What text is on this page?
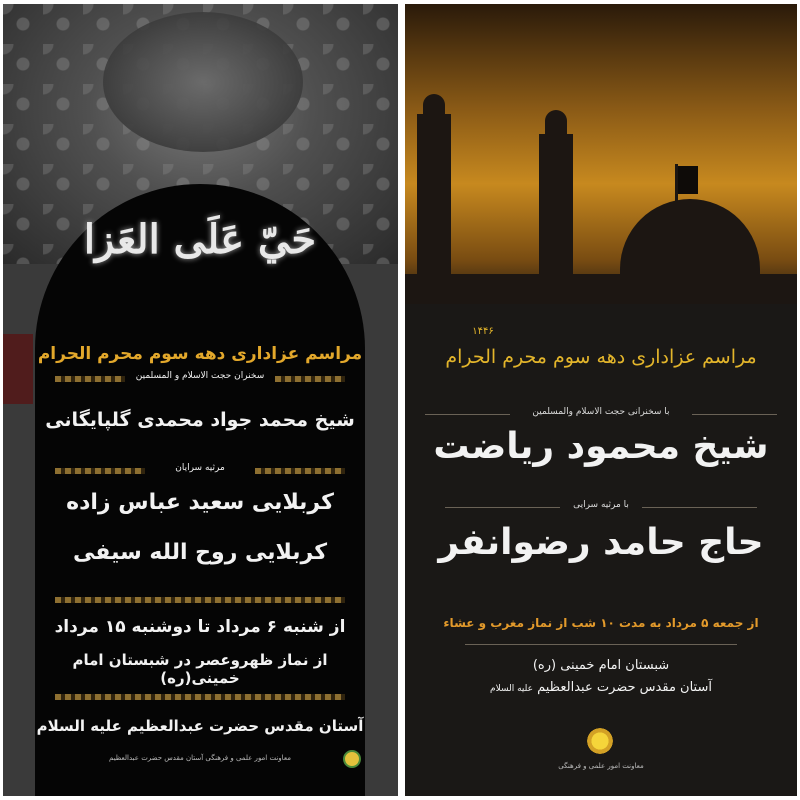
حَيّ عَلَى العَزا
مراسم عزاداری دهه سوم محرم الحرام
سخنران حجت الاسلام و المسلمین
شیخ محمد جواد محمدی گلپایگانی
مرثیه سرایان
کربلایی سعید عباس زاده
کربلایی روح الله سیفی
از شنبه ۶ مرداد تا دوشنبه ۱۵ مرداد
از نماز ظهروعصر در شبستان امام خمینی(ره)
آستان مقدس حضرت عبدالعظیم علیه السلام
معاونت امور علمی و فرهنگی آستان مقدس حضرت عبدالعظیم
۱۴۴۶
مراسم عزاداری دهه سوم محرم الحرام
با سخنرانی حجت الاسلام والمسلمین
شیخ محمود ریاضت
با مرثیه سرایی
حاج حامد رضوانفر
از جمعه ۵ مرداد به مدت ۱۰ شب از نماز مغرب و عشاء
شبستان امام خمینی (ره)
آستان مقدس حضرت عبدالعظیم علیه السلام
معاونت امور علمی و فرهنگی
